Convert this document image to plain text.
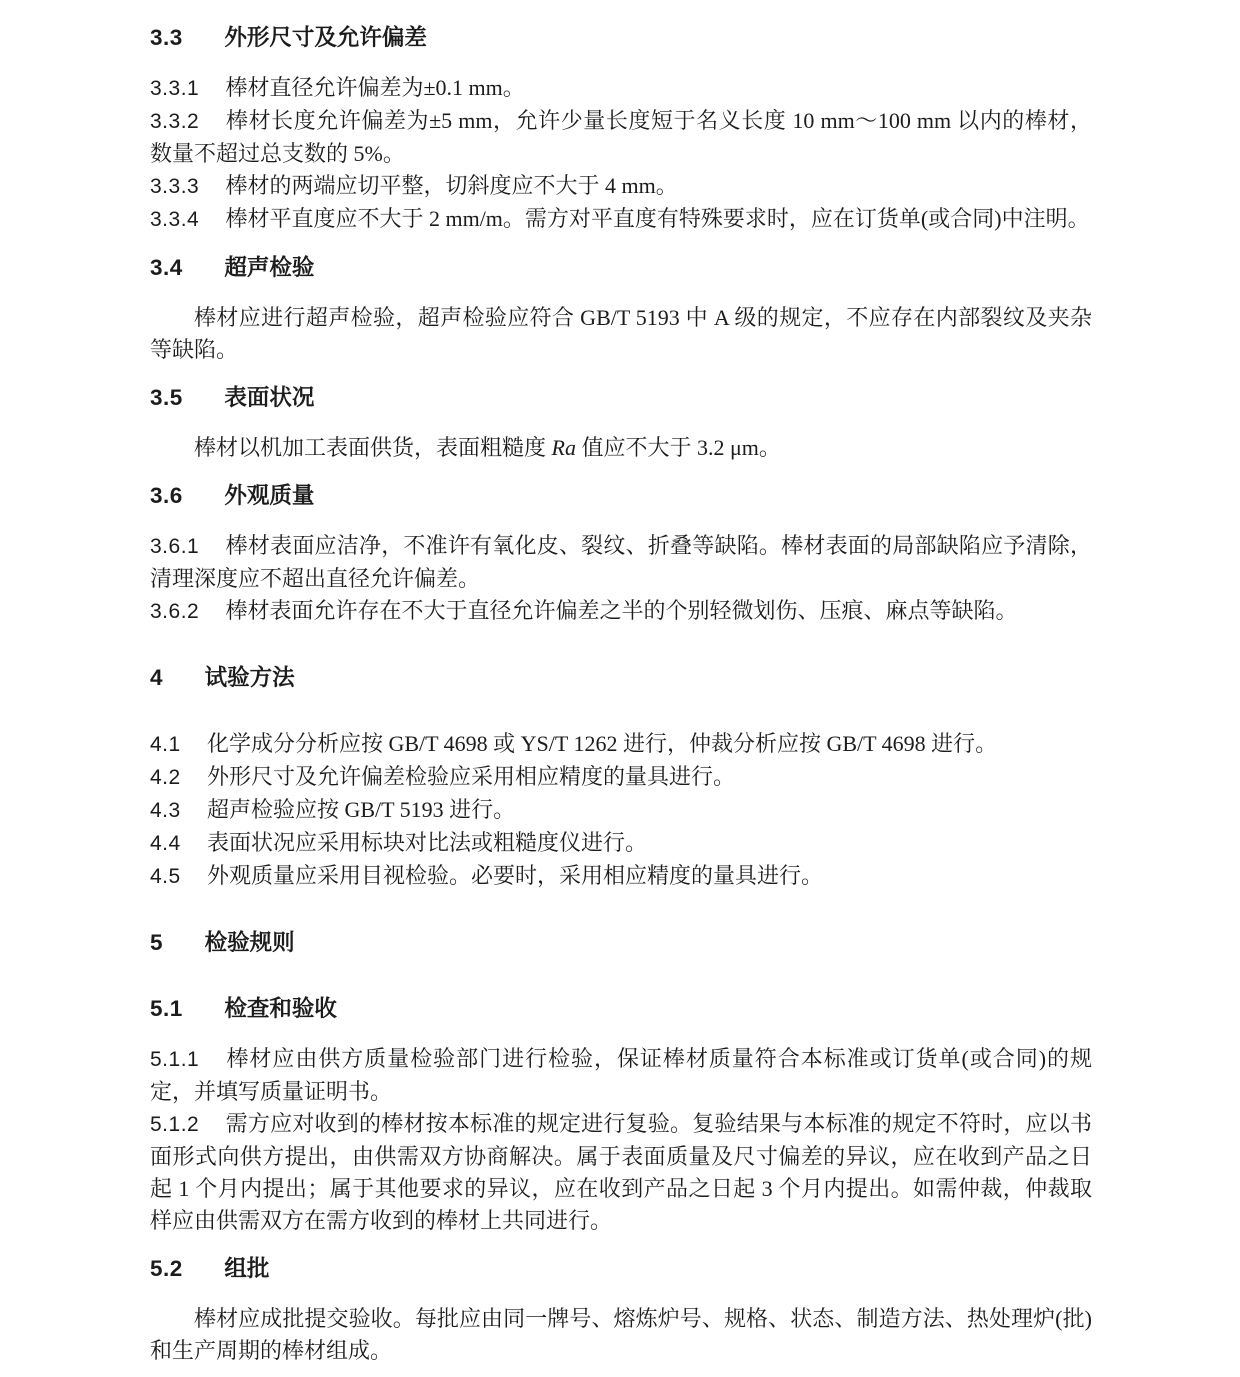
3.3 外形尺寸及允许偏差

3.3.1 棒材直径允许偏差为±0.1 mm。

3.3.2 棒材长度允许偏差为±5 mm，允许少量长度短于名义长度 10 mm～100 mm 以内的棒材，数量不超过总支数的 5%。

3.3.3 棒材的两端应切平整，切斜度应不大于 4 mm。

3.3.4 棒材平直度应不大于 2 mm/m。需方对平直度有特殊要求时，应在订货单(或合同)中注明。

3.4 超声检验

棒材应进行超声检验，超声检验应符合 GB/T 5193 中 A 级的规定，不应存在内部裂纹及夹杂等缺陷。

3.5 表面状况

棒材以机加工表面供货，表面粗糙度 Ra 值应不大于 3.2 μm。

3.6 外观质量

3.6.1 棒材表面应洁净，不准许有氧化皮、裂纹、折叠等缺陷。棒材表面的局部缺陷应予清除，清理深度应不超出直径允许偏差。

3.6.2 棒材表面允许存在不大于直径允许偏差之半的个别轻微划伤、压痕、麻点等缺陷。

4 试验方法

4.1 化学成分分析应按 GB/T 4698 或 YS/T 1262 进行，仲裁分析应按 GB/T 4698 进行。

4.2 外形尺寸及允许偏差检验应采用相应精度的量具进行。

4.3 超声检验应按 GB/T 5193 进行。

4.4 表面状况应采用标块对比法或粗糙度仪进行。

4.5 外观质量应采用目视检验。必要时，采用相应精度的量具进行。

5 检验规则
5.1 检查和验收

5.1.1 棒材应由供方质量检验部门进行检验，保证棒材质量符合本标准或订货单(或合同)的规定，并填写质量证明书。

5.1.2 需方应对收到的棒材按本标准的规定进行复验。复验结果与本标准的规定不符时，应以书面形式向供方提出，由供需双方协商解决。属于表面质量及尺寸偏差的异议，应在收到产品之日起 1 个月内提出；属于其他要求的异议，应在收到产品之日起 3 个月内提出。如需仲裁，仲裁取样应由供需双方在需方收到的棒材上共同进行。

5.2 组批

棒材应成批提交验收。每批应由同一牌号、熔炼炉号、规格、状态、制造方法、热处理炉(批)和生产周期的棒材组成。
